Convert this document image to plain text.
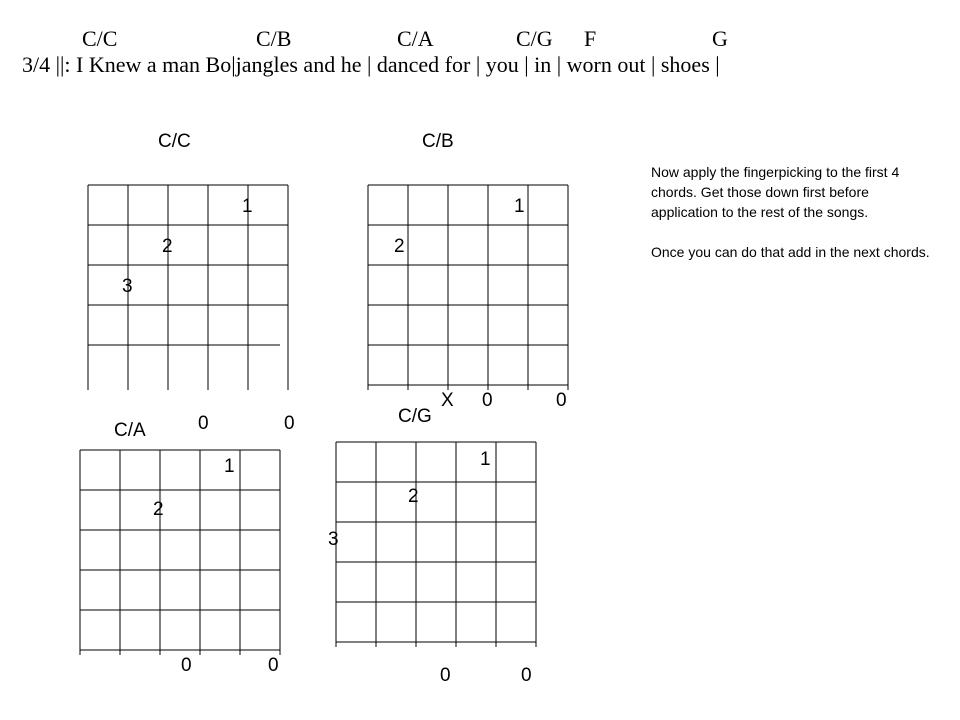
C/C	C/B	C/A	C/G F	G
3/4 ||: I Knew a man Bo|jangles and he | danced for | you | in | worn out | shoes |
C/C
1
2
3
C/B
1
2
X 0	0
C/A	0	0
1
2
0	0
C/G
1
2
3
0	0

Now apply the fingerpicking to the first 4 chords. Get those down first before application to the rest of the songs.

Once you can do that add in the next chords.
